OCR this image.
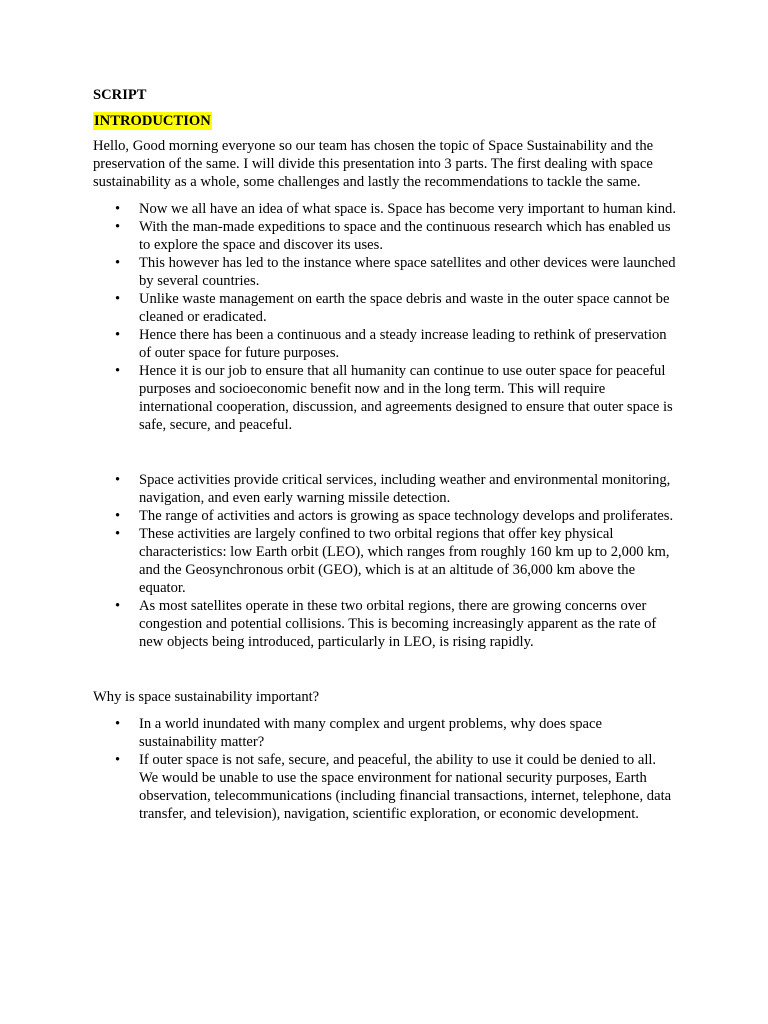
SCRIPT
INTRODUCTION

Hello, Good morning everyone so our team has chosen the topic of Space Sustainability and the preservation of the same. I will divide this presentation into 3 parts. The first dealing with space sustainability as a whole, some challenges and lastly the recommendations to tackle the same.

• Now we all have an idea of what space is. Space has become very important to human kind.
• With the man-made expeditions to space and the continuous research which has enabled us to explore the space and discover its uses.
• This however has led to the instance where space satellites and other devices were launched by several countries.
• Unlike waste management on earth the space debris and waste in the outer space cannot be cleaned or eradicated.
• Hence there has been a continuous and a steady increase leading to rethink of preservation of outer space for future purposes.
• Hence it is our job to ensure that all humanity can continue to use outer space for peaceful purposes and socioeconomic benefit now and in the long term. This will require international cooperation, discussion, and agreements designed to ensure that outer space is safe, secure, and peaceful.
• Space activities provide critical services, including weather and environmental monitoring, navigation, and even early warning missile detection.
• The range of activities and actors is growing as space technology develops and proliferates.
• These activities are largely confined to two orbital regions that offer key physical characteristics: low Earth orbit (LEO), which ranges from roughly 160 km up to 2,000 km, and the Geosynchronous orbit (GEO), which is at an altitude of 36,000 km above the equator.
• As most satellites operate in these two orbital regions, there are growing concerns over congestion and potential collisions. This is becoming increasingly apparent as the rate of new objects being introduced, particularly in LEO, is rising rapidly.

Why is space sustainability important?

• In a world inundated with many complex and urgent problems, why does space sustainability matter?
• If outer space is not safe, secure, and peaceful, the ability to use it could be denied to all. We would be unable to use the space environment for national security purposes, Earth observation, telecommunications (including financial transactions, internet, telephone, data transfer, and television), navigation, scientific exploration, or economic development.
